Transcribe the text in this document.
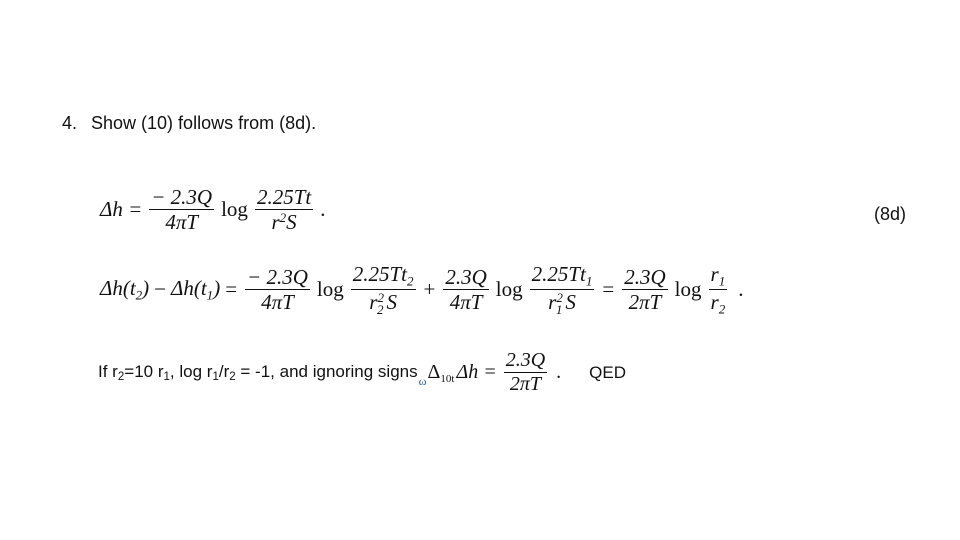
4. Show (10) follows from (8d).
$\Delta h = \frac{- 2.3Q}{4\pi T}$ $\log \frac{2.25Tt}{r^2S}$ .	(8d)
$\Delta h(t_2) - \Delta h(t_1) = \frac{- 2.3Q}{4\pi T}$ $\log \frac{2.25Tt_2}{r^2_2 S} + \frac{2.3Q}{4\pi T}$ $\log \frac{2.25Tt_1}{r^2_1 S} = \frac{2.3Q}{2\pi T}$ $\log \frac{r_1}{r_2}$ .
If r2=10 r1, log r1/r2 = -1, and ignoring signs ω $\Delta_{10t}$ $\Delta h = \frac{2.3Q}{2\pi T}$ . QED
